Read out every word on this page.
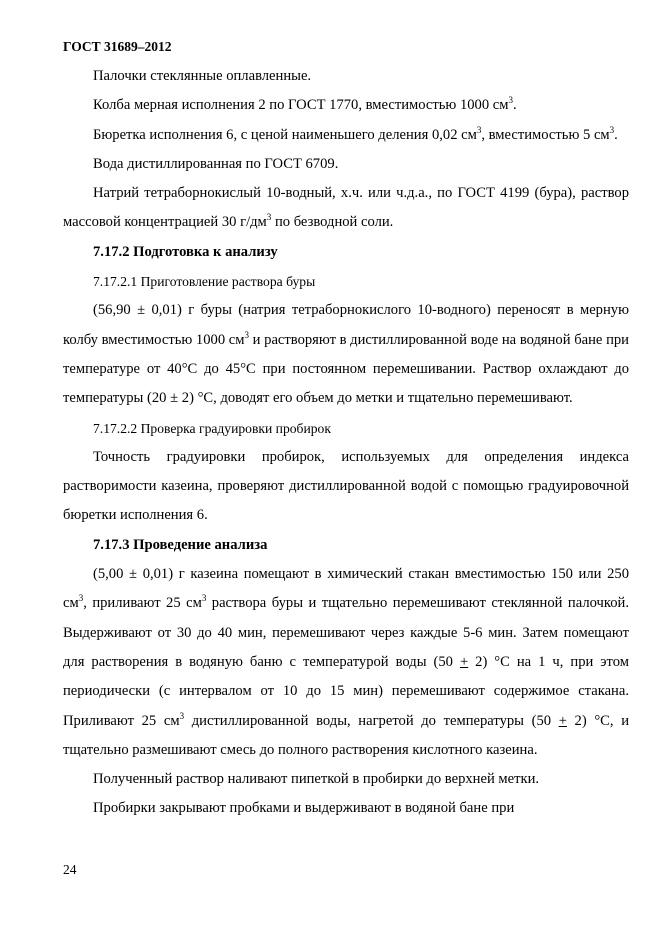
ГОСТ 31689–2012

Палочки стеклянные оплавленные.

Колба мерная исполнения 2 по ГОСТ 1770, вместимостью 1000 $см^3$.

Бюретка исполнения 6, с ценой наименьшего деления 0,02 $см^3$, вместимостью 5 $см^3$.

Вода дистиллированная по ГОСТ 6709.

Натрий тетраборнокислый 10-водный, х.ч. или ч.д.а., по ГОСТ 4199 (бура), раствор массовой концентрацией 30 $г/дм^3$ по безводной соли.

7.17.2 Подготовка к анализу

7.17.2.1 Приготовление раствора буры

(56,90 ± 0,01) г буры (натрия тетраборнокислого 10-водного) переносят в мерную колбу вместимостью 1000 $см^3$ и растворяют в дистиллированной воде на водяной бане при температуре от 40°С до 45°С при постоянном перемешивании. Раствор охлаждают до температуры (20 ± 2) °С, доводят его объем до метки и тщательно перемешивают.

7.17.2.2 Проверка градуировки пробирок

Точность градуировки пробирок, используемых для определения индекса растворимости казеина, проверяют дистиллированной водой с помощью градуировочной бюретки исполнения 6.

7.17.3 Проведение анализа

(5,00 ± 0,01) г казеина помещают в химический стакан вместимостью 150 или 250 $см^3$, приливают 25 $см^3$ раствора буры и тщательно перемешивают стеклянной палочкой. Выдерживают от 30 до 40 мин, перемешивают через каждые 5-6 мин. Затем помещают для растворения в водяную баню с температурой воды (50 + 2) °С на 1 ч, при этом периодически (с интервалом от 10 до 15 мин) перемешивают содержимое стакана. Приливают 25 $см^3$ дистиллированной воды, нагретой до температуры (50 + 2) °С, и тщательно размешивают смесь до полного растворения кислотного казеина.

Полученный раствор наливают пипеткой в пробирки до верхней метки.

Пробирки закрывают пробками и выдерживают в водяной бане при

24
